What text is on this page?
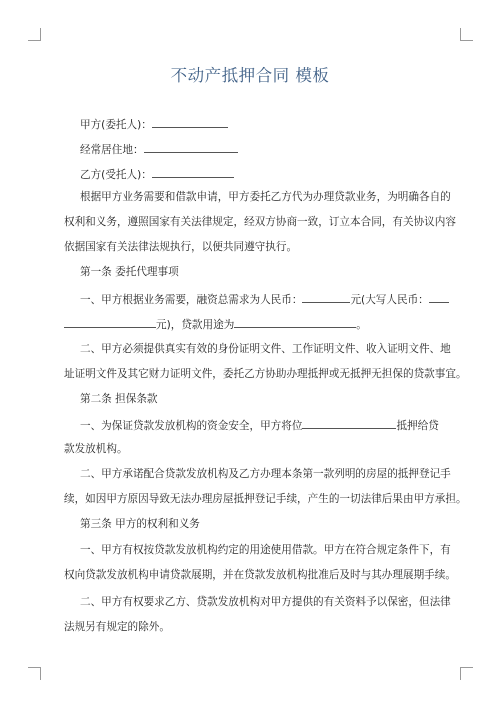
不动产抵押合同 模板
甲方(委托人)：
经常居住地：
乙方(受托人)：
根据甲方业务需要和借款申请，甲方委托乙方代为办理贷款业务，为明确各自的
权利和义务，遵照国家有关法律规定，经双方协商一致，订立本合同，有关协议内容
依据国家有关法律法规执行，以便共同遵守执行。
第一条 委托代理事项
一、甲方根据业务需要，融资总需求为人民币：	元(大写人民币：
元)，贷款用途为	。
二、甲方必须提供真实有效的身份证明文件、工作证明文件、收入证明文件、地
址证明文件及其它财力证明文件，委托乙方协助办理抵押或无抵押无担保的贷款事宜。
第二条 担保条款
一、为保证贷款发放机构的资金安全，甲方将位	抵押给贷
款发放机构。
二、甲方承诺配合贷款发放机构及乙方办理本条第一款列明的房屋的抵押登记手
续，如因甲方原因导致无法办理房屋抵押登记手续，产生的一切法律后果由甲方承担。
第三条 甲方的权利和义务
一、甲方有权按贷款发放机构约定的用途使用借款。甲方在符合规定条件下，有
权向贷款发放机构申请贷款展期，并在贷款发放机构批准后及时与其办理展期手续。
二、甲方有权要求乙方、贷款发放机构对甲方提供的有关资料予以保密，但法律
法规另有规定的除外。
